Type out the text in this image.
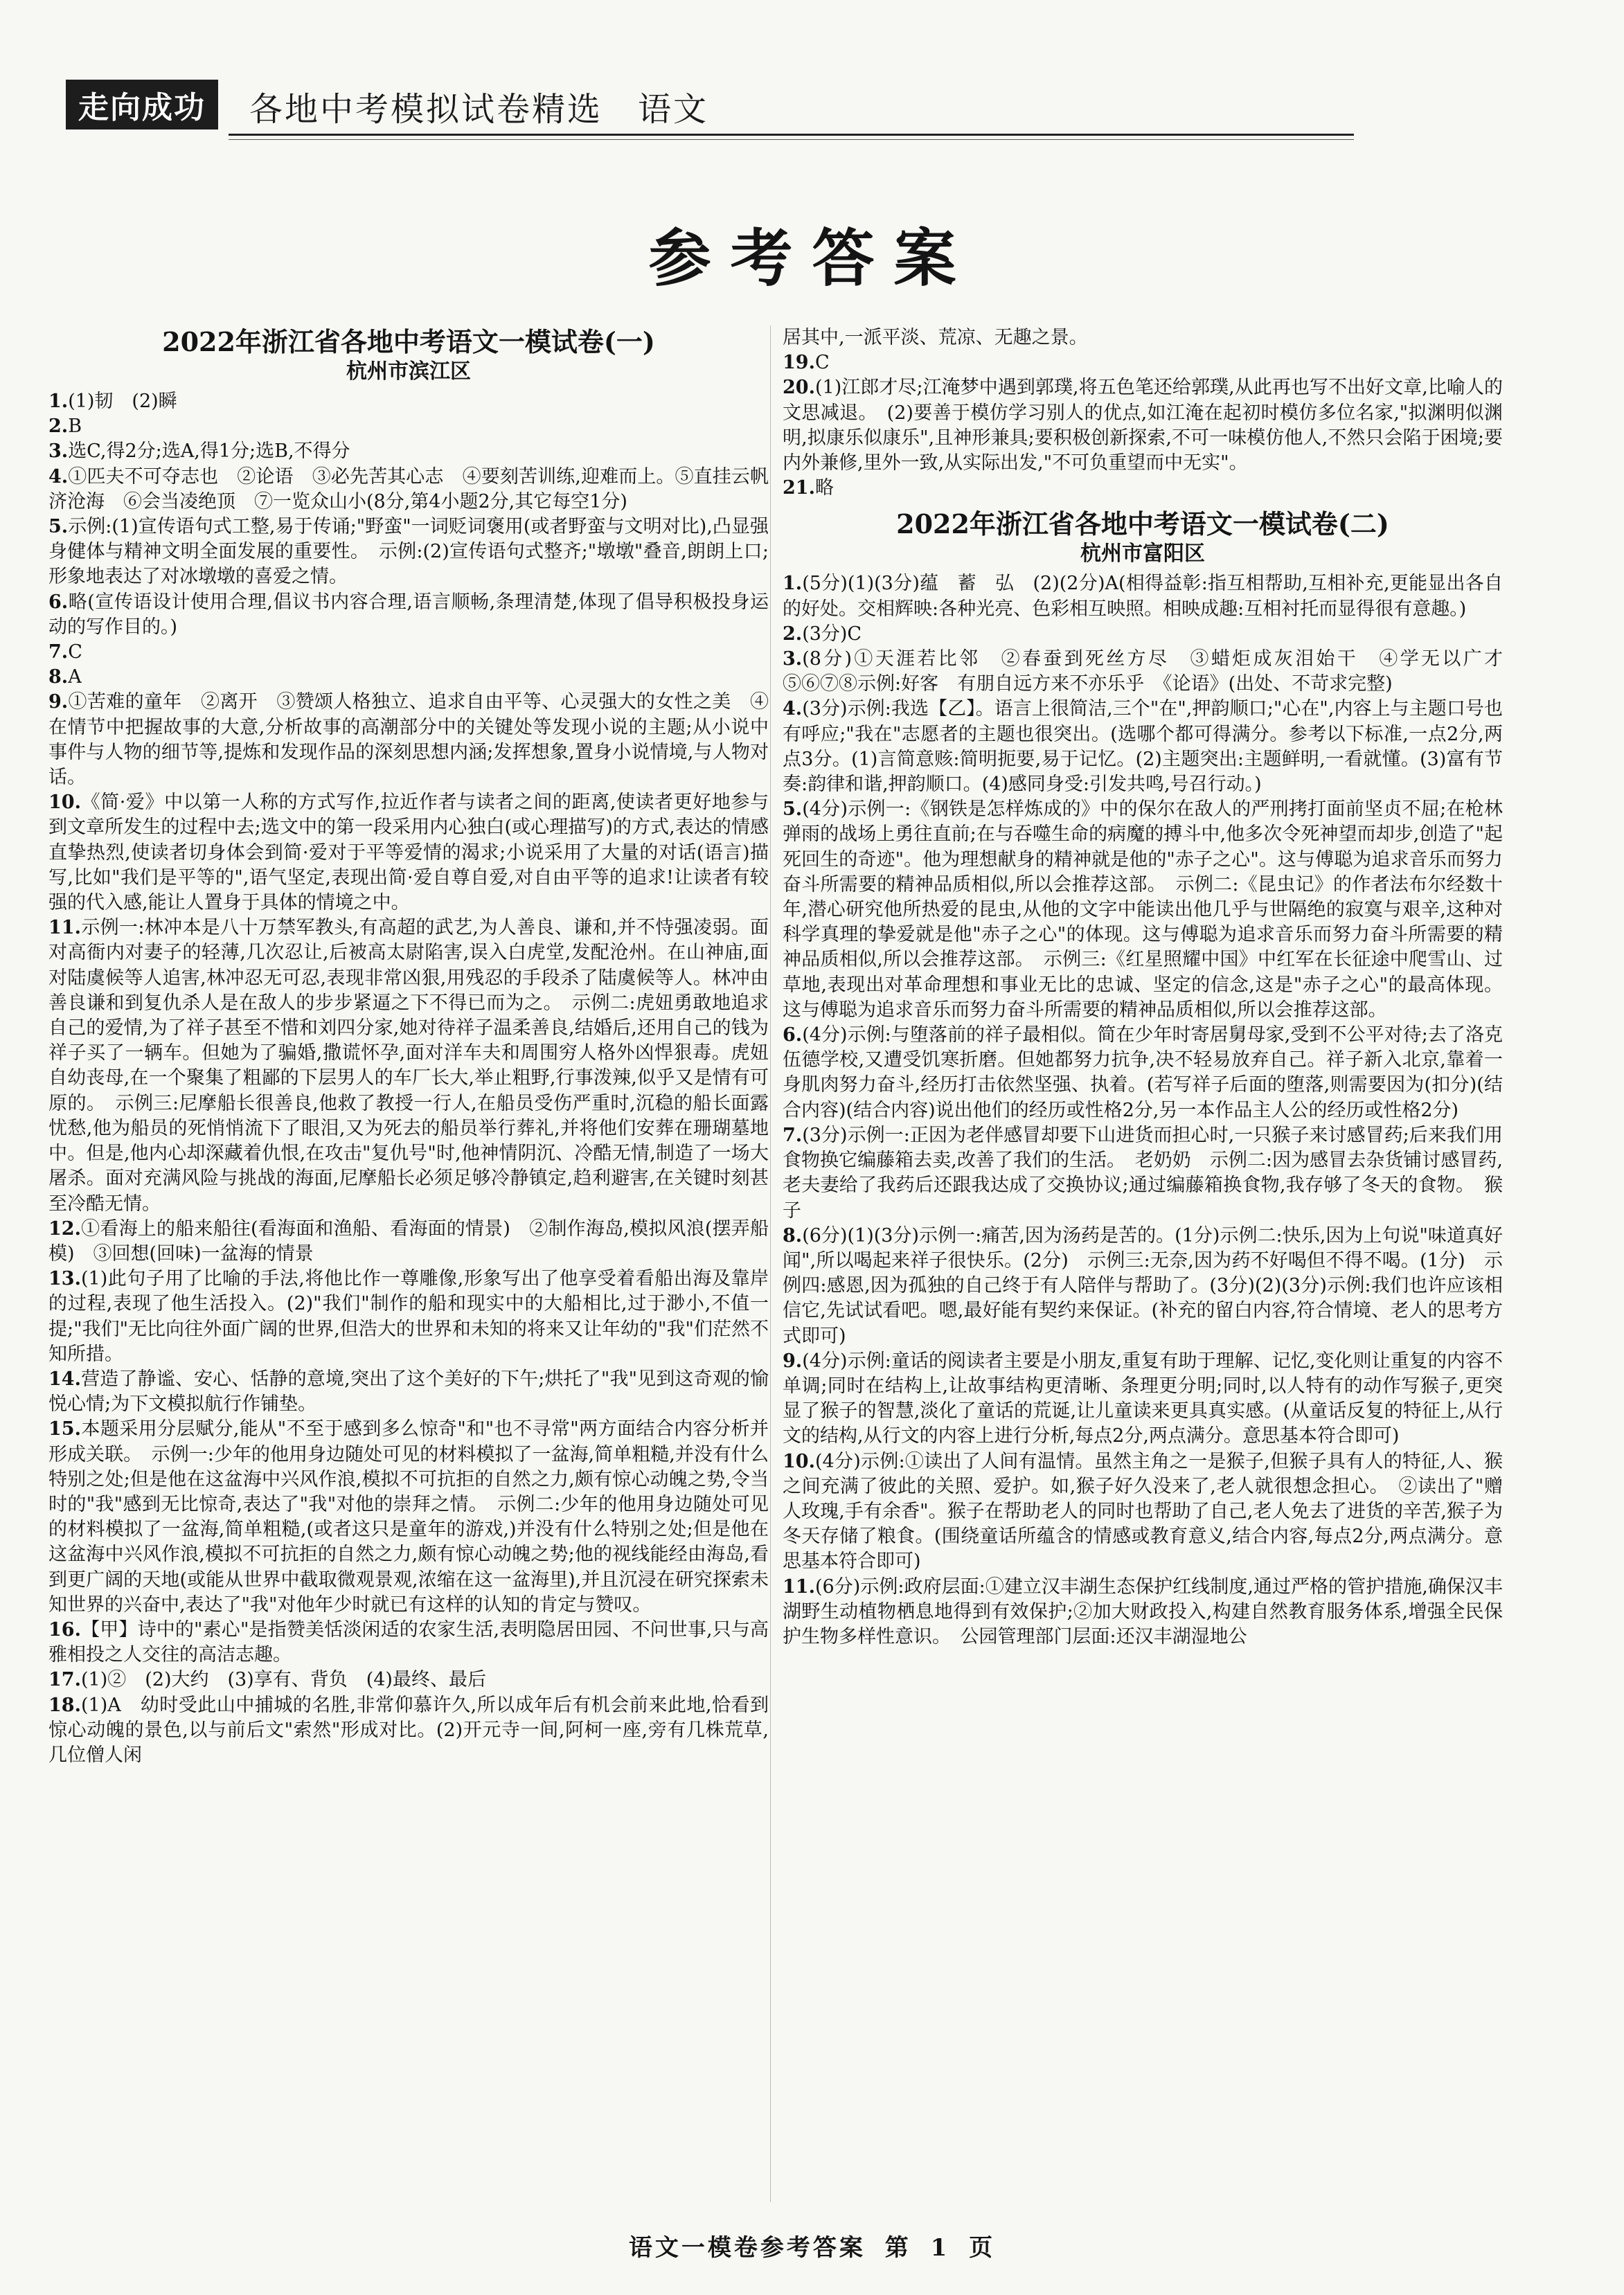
走向成功	各地中考模拟试卷精选　语文
参考答案

2022年浙江省各地中考语文一模试卷(一)

杭州市滨江区

1.(1)韧　(2)瞬

2.B

3.选C,得2分;选A,得1分;选B,不得分

4.①匹夫不可夺志也　②论语　③必先苦其心志　④要刻苦训练,迎难而上。⑤直挂云帆济沧海　⑥会当凌绝顶　⑦一览众山小(8分,第4小题2分,其它每空1分)

5.示例:(1)宣传语句式工整,易于传诵;"野蛮"一词贬词褒用(或者野蛮与文明对比),凸显强身健体与精神文明全面发展的重要性。　示例:(2)宣传语句式整齐;"墩墩"叠音,朗朗上口;形象地表达了对冰墩墩的喜爱之情。

6.略(宣传语设计使用合理,倡议书内容合理,语言顺畅,条理清楚,体现了倡导积极投身运动的写作目的。)

7.C

8.A

9.①苦难的童年　②离开　③赞颂人格独立、追求自由平等、心灵强大的女性之美　④在情节中把握故事的大意,分析故事的高潮部分中的关键处等发现小说的主题;从小说中事件与人物的细节等,提炼和发现作品的深刻思想内涵;发挥想象,置身小说情境,与人物对话。

10.《简·爱》中以第一人称的方式写作,拉近作者与读者之间的距离,使读者更好地参与到文章所发生的过程中去;选文中的第一段采用内心独白(或心理描写)的方式,表达的情感直挚热烈,使读者切身体会到简·爱对于平等爱情的渴求;小说采用了大量的对话(语言)描写,比如"我们是平等的",语气坚定,表现出简·爱自尊自爱,对自由平等的追求!让读者有较强的代入感,能让人置身于具体的情境之中。

11.示例一:林冲本是八十万禁军教头,有高超的武艺,为人善良、谦和,并不恃强凌弱。面对高衙内对妻子的轻薄,几次忍让,后被高太尉陷害,误入白虎堂,发配沧州。在山神庙,面对陆虞候等人追害,林冲忍无可忍,表现非常凶狠,用残忍的手段杀了陆虞候等人。林冲由善良谦和到复仇杀人是在敌人的步步紧逼之下不得已而为之。　示例二:虎妞勇敢地追求自己的爱情,为了祥子甚至不惜和刘四分家,她对待祥子温柔善良,结婚后,还用自己的钱为祥子买了一辆车。但她为了骗婚,撒谎怀孕,面对洋车夫和周围穷人格外凶悍狠毒。虎妞自幼丧母,在一个聚集了粗鄙的下层男人的车厂长大,举止粗野,行事泼辣,似乎又是情有可原的。　示例三:尼摩船长很善良,他救了教授一行人,在船员受伤严重时,沉稳的船长面露忧愁,他为船员的死悄悄流下了眼泪,又为死去的船员举行葬礼,并将他们安葬在珊瑚墓地中。但是,他内心却深藏着仇恨,在攻击"复仇号"时,他神情阴沉、冷酷无情,制造了一场大屠杀。面对充满风险与挑战的海面,尼摩船长必须足够冷静镇定,趋利避害,在关键时刻甚至冷酷无情。

12.①看海上的船来船往(看海面和渔船、看海面的情景)　②制作海岛,模拟风浪(摆弄船模)　③回想(回味)一盆海的情景

13.(1)此句子用了比喻的手法,将他比作一尊雕像,形象写出了他享受着看船出海及靠岸的过程,表现了他生活投入。(2)"我们"制作的船和现实中的大船相比,过于渺小,不值一提;"我们"无比向往外面广阔的世界,但浩大的世界和未知的将来又让年幼的"我"们茫然不知所措。

14.营造了静谧、安心、恬静的意境,突出了这个美好的下午;烘托了"我"见到这奇观的愉悦心情;为下文模拟航行作铺垫。

15.本题采用分层赋分,能从"不至于感到多么惊奇"和"也不寻常"两方面结合内容分析并形成关联。　示例一:少年的他用身边随处可见的材料模拟了一盆海,简单粗糙,并没有什么特别之处;但是他在这盆海中兴风作浪,模拟不可抗拒的自然之力,颇有惊心动魄之势,令当时的"我"感到无比惊奇,表达了"我"对他的崇拜之情。　示例二:少年的他用身边随处可见的材料模拟了一盆海,简单粗糙,(或者这只是童年的游戏,)并没有什么特别之处;但是他在这盆海中兴风作浪,模拟不可抗拒的自然之力,颇有惊心动魄之势;他的视线能经由海岛,看到更广阔的天地(或能从世界中截取微观景观,浓缩在这一盆海里),并且沉浸在研究探索未知世界的兴奋中,表达了"我"对他年少时就已有这样的认知的肯定与赞叹。

16.【甲】诗中的"素心"是指赞美恬淡闲适的农家生活,表明隐居田园、不问世事,只与高雅相投之人交往的高洁志趣。

17.(1)②　(2)大约　(3)享有、背负　(4)最终、最后

18.(1)A　幼时受此山中捕城的名胜,非常仰慕许久,所以成年后有机会前来此地,恰看到惊心动魄的景色,以与前后文"索然"形成对比。(2)开元寺一间,阿柯一座,旁有几株荒草,几位僧人闲

居其中,一派平淡、荒凉、无趣之景。

19.C

20.(1)江郎才尽;江淹梦中遇到郭璞,将五色笔还给郭璞,从此再也写不出好文章,比喻人的文思减退。　(2)要善于模仿学习别人的优点,如江淹在起初时模仿多位名家,"拟渊明似渊明,拟康乐似康乐",且神形兼具;要积极创新探索,不可一味模仿他人,不然只会陷于困境;要内外兼修,里外一致,从实际出发,"不可负重望而中无实"。

21.略

2022年浙江省各地中考语文一模试卷(二)

杭州市富阳区

1.(5分)(1)(3分)蕴　蓄　弘　(2)(2分)A(相得益彰:指互相帮助,互相补充,更能显出各自的好处。交相辉映:各种光亮、色彩相互映照。相映成趣:互相衬托而显得很有意趣。)

2.(3分)C

3.(8分)①天涯若比邻　②春蚕到死丝方尽　③蜡炬成灰泪始干　④学无以广才　⑤⑥⑦⑧示例:好客　有朋自远方来不亦乐乎　《论语》(出处、不苛求完整)

4.(3分)示例:我选【乙】。语言上很简洁,三个"在",押韵顺口;"心在",内容上与主题口号也有呼应;"我在"志愿者的主题也很突出。(选哪个都可得满分。参考以下标准,一点2分,两点3分。(1)言简意赅:简明扼要,易于记忆。(2)主题突出:主题鲜明,一看就懂。(3)富有节奏:韵律和谐,押韵顺口。(4)感同身受:引发共鸣,号召行动。)

5.(4分)示例一:《钢铁是怎样炼成的》中的保尔在敌人的严刑拷打面前坚贞不屈;在枪林弹雨的战场上勇往直前;在与吞噬生命的病魔的搏斗中,他多次令死神望而却步,创造了"起死回生的奇迹"。他为理想献身的精神就是他的"赤子之心"。这与傅聪为追求音乐而努力奋斗所需要的精神品质相似,所以会推荐这部。　示例二:《昆虫记》的作者法布尔经数十年,潜心研究他所热爱的昆虫,从他的文字中能读出他几乎与世隔绝的寂寞与艰辛,这种对科学真理的挚爱就是他"赤子之心"的体现。这与傅聪为追求音乐而努力奋斗所需要的精神品质相似,所以会推荐这部。　示例三:《红星照耀中国》中红军在长征途中爬雪山、过草地,表现出对革命理想和事业无比的忠诚、坚定的信念,这是"赤子之心"的最高体现。这与傅聪为追求音乐而努力奋斗所需要的精神品质相似,所以会推荐这部。

6.(4分)示例:与堕落前的祥子最相似。简在少年时寄居舅母家,受到不公平对待;去了洛克伍德学校,又遭受饥寒折磨。但她都努力抗争,决不轻易放弃自己。祥子新入北京,靠着一身肌肉努力奋斗,经历打击依然坚强、执着。(若写祥子后面的堕落,则需要因为(扣分)(结合内容)(结合内容)说出他们的经历或性格2分,另一本作品主人公的经历或性格2分)

7.(3分)示例一:正因为老伴感冒却要下山进货而担心时,一只猴子来讨感冒药;后来我们用食物换它编藤箱去卖,改善了我们的生活。　老奶奶　示例二:因为感冒去杂货铺讨感冒药,老夫妻给了我药后还跟我达成了交换协议;通过编藤箱换食物,我存够了冬天的食物。　猴子

8.(6分)(1)(3分)示例一:痛苦,因为汤药是苦的。(1分)示例二:快乐,因为上句说"味道真好闻",所以喝起来祥子很快乐。(2分)　示例三:无奈,因为药不好喝但不得不喝。(1分)　示例四:感恩,因为孤独的自己终于有人陪伴与帮助了。(3分)(2)(3分)示例:我们也许应该相信它,先试试看吧。嗯,最好能有契约来保证。(补充的留白内容,符合情境、老人的思考方式即可)

9.(4分)示例:童话的阅读者主要是小朋友,重复有助于理解、记忆,变化则让重复的内容不单调;同时在结构上,让故事结构更清晰、条理更分明;同时,以人特有的动作写猴子,更突显了猴子的智慧,淡化了童话的荒诞,让儿童读来更具真实感。(从童话反复的特征上,从行文的结构,从行文的内容上进行分析,每点2分,两点满分。意思基本符合即可)

10.(4分)示例:①读出了人间有温情。虽然主角之一是猴子,但猴子具有人的特征,人、猴之间充满了彼此的关照、爱护。如,猴子好久没来了,老人就很想念担心。　②读出了"赠人玫瑰,手有余香"。猴子在帮助老人的同时也帮助了自己,老人免去了进货的辛苦,猴子为冬天存储了粮食。(围绕童话所蕴含的情感或教育意义,结合内容,每点2分,两点满分。意思基本符合即可)

11.(6分)示例:政府层面:①建立汉丰湖生态保护红线制度,通过严格的管护措施,确保汉丰湖野生动植物栖息地得到有效保护;②加大财政投入,构建自然教育服务体系,增强全民保护生物多样性意识。　公园管理部门层面:还汉丰湖湿地公

语文一模卷参考答案 第 1 页
